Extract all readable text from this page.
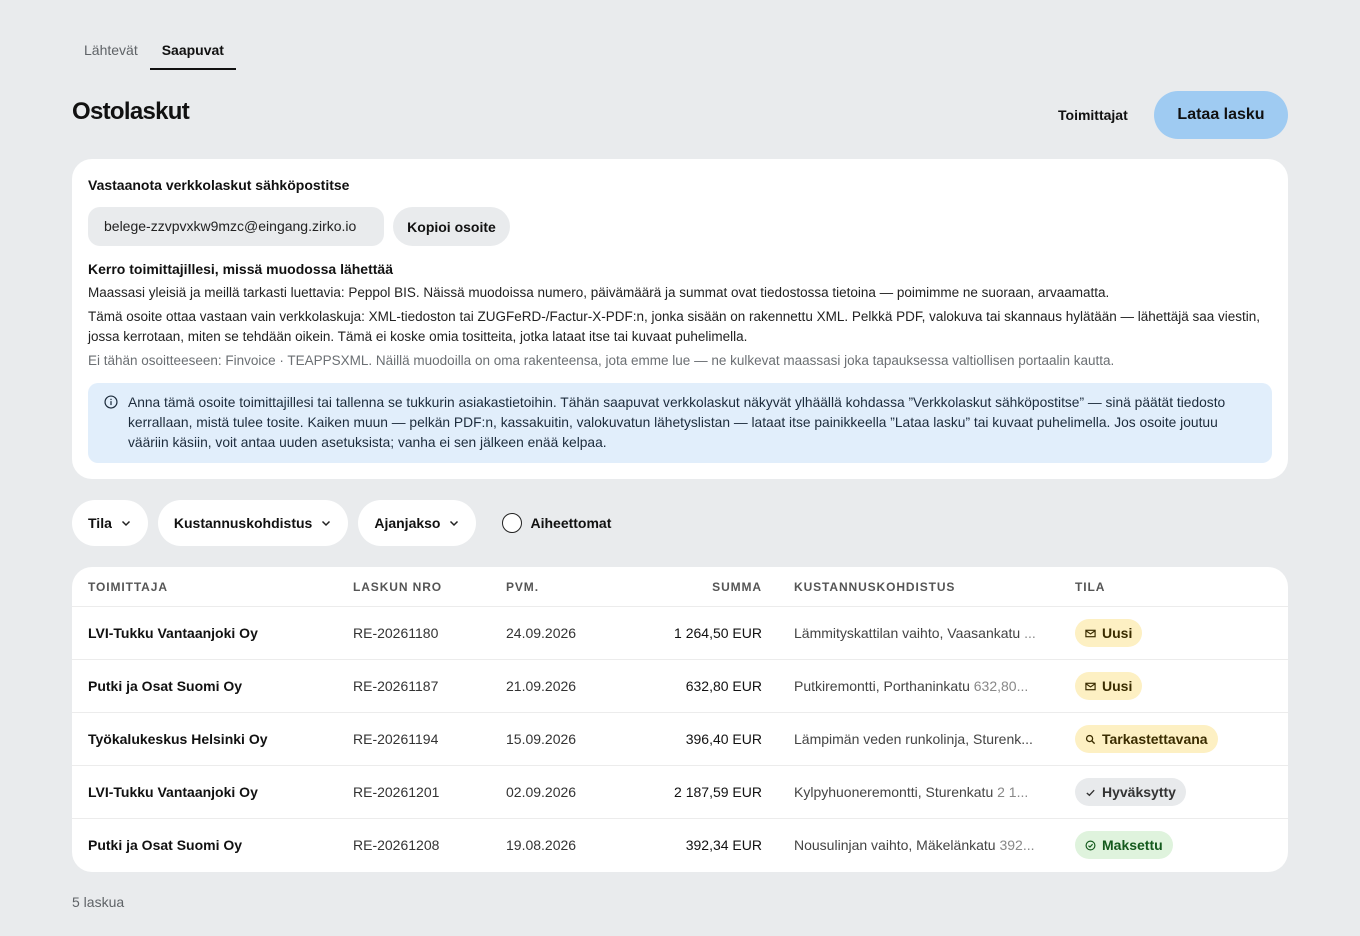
Lähtevät	Saapuvat
Ostolaskut	Toimittajat	Lataa lasku
Vastaanota verkkolaskut sähköpostitse
belege-zzvpvxkw9mzc@eingang.zirko.io	Kopioi osoite
Kerro toimittajillesi, missä muodossa lähettää
Maassasi yleisiä ja meillä tarkasti luettavia: Peppol BIS. Näissä muodoissa numero, päivämäärä ja summat ovat tiedostossa tietoina — poimimme ne suoraan, arvaamatta.
Tämä osoite ottaa vastaan vain verkkolaskuja: XML-tiedoston tai ZUGFeRD-/Factur-X-PDF:n, jonka sisään on rakennettu XML. Pelkkä PDF, valokuva tai skannaus hylätään — lähettäjä saa viestin, jossa kerrotaan, miten se tehdään oikein. Tämä ei koske omia tositteita, jotka lataat itse tai kuvaat puhelimella.
Ei tähän osoitteeseen: Finvoice · TEAPPSXML. Näillä muodoilla on oma rakenteensa, jota emme lue — ne kulkevat maassasi joka tapauksessa valtiollisen portaalin kautta.
Anna tämä osoite toimittajillesi tai tallenna se tukkurin asiakastietoihin. Tähän saapuvat verkkolaskut näkyvät ylhäällä kohdassa ”Verkkolaskut sähköpostitse” — sinä päätät tiedosto kerrallaan, mistä tulee tosite. Kaiken muun — pelkän PDF:n, kassakuitin, valokuvatun lähetyslistan — lataat itse painikkeella ”Lataa lasku” tai kuvaat puhelimella. Jos osoite joutuu vääriin käsiin, voit antaa uuden asetuksista; vanha ei sen jälkeen enää kelpaa.
Tila	Kustannuskohdistus	Ajanjakso	Aiheettomat
TOIMITTAJA	LASKUN NRO	PVM.	SUMMA	KUSTANNUSKOHDISTUS	TILA
LVI-Tukku Vantaanjoki Oy	RE-20261180	24.09.2026	1 264,50 EUR Lämmityskattilan vaihto, Vaasankatu ...	Uusi
Putki ja Osat Suomi Oy	RE-20261187	21.09.2026	632,80 EUR Putkiremontti, Porthaninkatu 632,80...	Uusi
Työkalukeskus Helsinki Oy	RE-20261194	15.09.2026	396,40 EUR Lämpimän veden runkolinja, Sturenk...	Tarkastettavana
LVI-Tukku Vantaanjoki Oy	RE-20261201	02.09.2026	2 187,59 EUR Kylpyhuoneremontti, Sturenkatu 2 1...	Hyväksytty
Putki ja Osat Suomi Oy	RE-20261208	19.08.2026	392,34 EUR Nousulinjan vaihto, Mäkelänkatu 392...	Maksettu
5 laskua
